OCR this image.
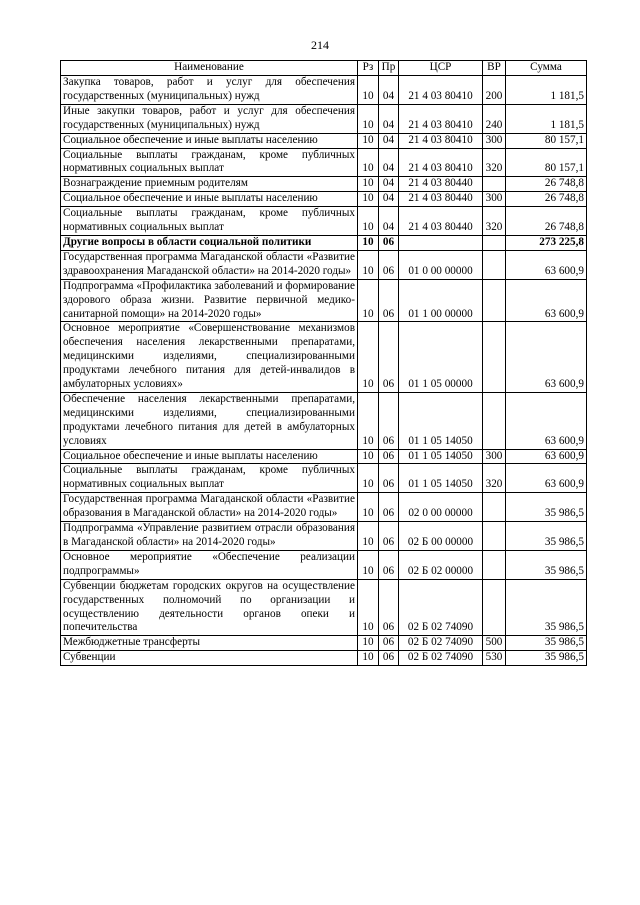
214
Наименование	Рз	Пр	ЦСР	ВР	Сумма
Закупка товаров, работ и услуг для обеспечения государственных (муниципальных) нужд	10	04	21 4 03 80410	200	1 181,5
Иные закупки товаров, работ и услуг для обеспечения государственных (муниципальных) нужд	10	04	21 4 03 80410	240	1 181,5
Социальное обеспечение и иные выплаты населению	10	04	21 4 03 80410	300	80 157,1
Социальные выплаты гражданам, кроме публичных нормативных социальных выплат	10	04	21 4 03 80410	320	80 157,1
Вознаграждение приемным родителям	10	04	21 4 03 80440		26 748,8
Социальное обеспечение и иные выплаты населению	10	04	21 4 03 80440	300	26 748,8
Социальные выплаты гражданам, кроме публичных нормативных социальных выплат	10	04	21 4 03 80440	320	26 748,8
Другие вопросы в области социальной политики	10	06			273 225,8
Государственная программа Магаданской области «Развитие здравоохранения Магаданской области» на 2014-2020 годы»	10	06	01 0 00 00000		63 600,9
Подпрограмма «Профилактика заболеваний и формирование здорового образа жизни. Развитие первичной медико-санитарной помощи» на 2014-2020 годы»	10	06	01 1 00 00000		63 600,9
Основное мероприятие «Совершенствование механизмов обеспечения населения лекарственными препаратами, медицинскими изделиями, специализированными продуктами лечебного питания для детей-инвалидов в амбулаторных условиях»	10	06	01 1 05 00000		63 600,9
Обеспечение населения лекарственными препаратами, медицинскими изделиями, специализированными продуктами лечебного питания для детей в амбулаторных условиях	10	06	01 1 05 14050		63 600,9
Социальное обеспечение и иные выплаты населению	10	06	01 1 05 14050	300	63 600,9
Социальные выплаты гражданам, кроме публичных нормативных социальных выплат	10	06	01 1 05 14050	320	63 600,9
Государственная программа Магаданской области «Развитие образования в Магаданской области» на 2014-2020 годы»	10	06	02 0 00 00000		35 986,5
Подпрограмма «Управление развитием отрасли образования в Магаданской области» на 2014-2020 годы»	10	06	02 Б 00 00000		35 986,5
Основное мероприятие «Обеспечение реализации подпрограммы»	10	06	02 Б 02 00000		35 986,5
Субвенции бюджетам городских округов на осуществление государственных полномочий по организации и осуществлению деятельности органов опеки и попечительства	10	06	02 Б 02 74090		35 986,5
Межбюджетные трансферты	10	06	02 Б 02 74090	500	35 986,5
Субвенции	10	06	02 Б 02 74090	530	35 986,5
